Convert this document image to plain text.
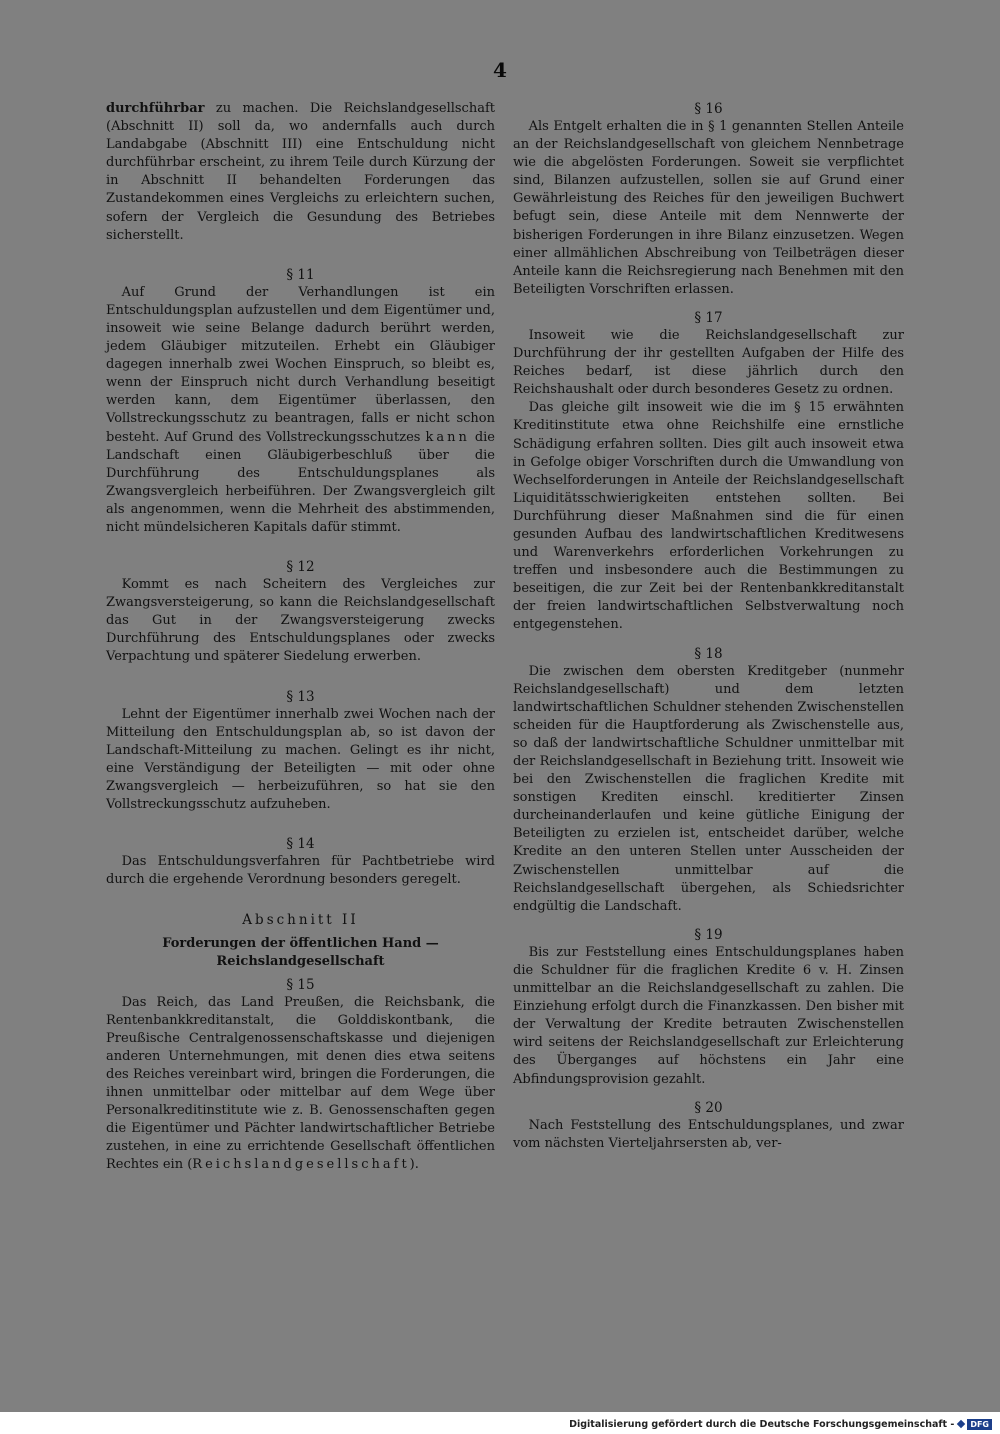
4

durchführbar zu machen. Die Reichslandgesellschaft (Abschnitt II) soll da, wo andernfalls auch durch Landabgabe (Abschnitt III) eine Entschuldung nicht durchführbar erscheint, zu ihrem Teile durch Kürzung der in Abschnitt II behandelten Forderungen das Zustandekommen eines Vergleichs zu erleichtern suchen, sofern der Vergleich die Gesundung des Betriebes sicherstellt.

§ 11

Auf Grund der Verhandlungen ist ein Entschuldungsplan aufzustellen und dem Eigentümer und, insoweit wie seine Belange dadurch berührt werden, jedem Gläubiger mitzuteilen. Erhebt ein Gläubiger dagegen innerhalb zwei Wochen Einspruch, so bleibt es, wenn der Einspruch nicht durch Verhandlung beseitigt werden kann, dem Eigentümer überlassen, den Vollstreckungsschutz zu beantragen, falls er nicht schon besteht. Auf Grund des Vollstreckungsschutzes kann die Landschaft einen Gläubigerbeschluß über die Durchführung des Entschuldungsplanes als Zwangsvergleich herbeiführen. Der Zwangsvergleich gilt als angenommen, wenn die Mehrheit des abstimmenden, nicht mündelsicheren Kapitals dafür stimmt.

§ 12

Kommt es nach Scheitern des Vergleiches zur Zwangsversteigerung, so kann die Reichslandgesellschaft das Gut in der Zwangsversteigerung zwecks Durchführung des Entschuldungsplanes oder zwecks Verpachtung und späterer Siedelung erwerben.

§ 13

Lehnt der Eigentümer innerhalb zwei Wochen nach der Mitteilung den Entschuldungsplan ab, so ist davon der Landschaft-Mitteilung zu machen. Gelingt es ihr nicht, eine Verständigung der Beteiligten — mit oder ohne Zwangsvergleich — herbeizuführen, so hat sie den Vollstreckungsschutz aufzuheben.

§ 14

Das Entschuldungsverfahren für Pachtbetriebe wird durch die ergehende Verordnung besonders geregelt.

Abschnitt II
Forderungen der öffentlichen Hand — Reichslandgesellschaft
§ 15

Das Reich, das Land Preußen, die Reichsbank, die Rentenbankkreditanstalt, die Golddiskontbank, die Preußische Centralgenossenschaftskasse und diejenigen anderen Unternehmungen, mit denen dies etwa seitens des Reiches vereinbart wird, bringen die Forderungen, die ihnen unmittelbar oder mittelbar auf dem Wege über Personalkreditinstitute wie z. B. Genossenschaften gegen die Eigentümer und Pächter landwirtschaftlicher Betriebe zustehen, in eine zu errichtende Gesellschaft öffentlichen Rechtes ein (Reichslandgesellschaft).

§ 16

Als Entgelt erhalten die in § 1 genannten Stellen Anteile an der Reichslandgesellschaft von gleichem Nennbetrage wie die abgelösten Forderungen. Soweit sie verpflichtet sind, Bilanzen aufzustellen, sollen sie auf Grund einer Gewährleistung des Reiches für den jeweiligen Buchwert befugt sein, diese Anteile mit dem Nennwerte der bisherigen Forderungen in ihre Bilanz einzusetzen. Wegen einer allmählichen Abschreibung von Teilbeträgen dieser Anteile kann die Reichsregierung nach Benehmen mit den Beteiligten Vorschriften erlassen.

§ 17

Insoweit wie die Reichslandgesellschaft zur Durchführung der ihr gestellten Aufgaben der Hilfe des Reiches bedarf, ist diese jährlich durch den Reichshaushalt oder durch besonderes Gesetz zu ordnen.

Das gleiche gilt insoweit wie die im § 15 erwähnten Kreditinstitute etwa ohne Reichshilfe eine ernstliche Schädigung erfahren sollten. Dies gilt auch insoweit etwa in Gefolge obiger Vorschriften durch die Umwandlung von Wechselforderungen in Anteile der Reichslandgesellschaft Liquiditätsschwierigkeiten entstehen sollten. Bei Durchführung dieser Maßnahmen sind die für einen gesunden Aufbau des landwirtschaftlichen Kreditwesens und Warenverkehrs erforderlichen Vorkehrungen zu treffen und insbesondere auch die Bestimmungen zu beseitigen, die zur Zeit bei der Rentenbankkreditanstalt der freien landwirtschaftlichen Selbstverwaltung noch entgegenstehen.

§ 18

Die zwischen dem obersten Kreditgeber (nunmehr Reichslandgesellschaft) und dem letzten landwirtschaftlichen Schuldner stehenden Zwischenstellen scheiden für die Hauptforderung als Zwischenstelle aus, so daß der landwirtschaftliche Schuldner unmittelbar mit der Reichslandgesellschaft in Beziehung tritt. Insoweit wie bei den Zwischenstellen die fraglichen Kredite mit sonstigen Krediten einschl. kreditierter Zinsen durcheinanderlaufen und keine gütliche Einigung der Beteiligten zu erzielen ist, entscheidet darüber, welche Kredite an den unteren Stellen unter Ausscheiden der Zwischenstellen unmittelbar auf die Reichslandgesellschaft übergehen, als Schiedsrichter endgültig die Landschaft.

§ 19

Bis zur Feststellung eines Entschuldungsplanes haben die Schuldner für die fraglichen Kredite 6 v. H. Zinsen unmittelbar an die Reichslandgesellschaft zu zahlen. Die Einziehung erfolgt durch die Finanzkassen. Den bisher mit der Verwaltung der Kredite betrauten Zwischenstellen wird seitens der Reichslandgesellschaft zur Erleichterung des Überganges auf höchstens ein Jahr eine Abfindungsprovision gezahlt.

§ 20

Nach Feststellung des Entschuldungsplanes, und zwar vom nächsten Vierteljahrsersten ab, ver-

Digitalisierung gefördert durch die Deutsche Forschungsgemeinschaft -	DFG
